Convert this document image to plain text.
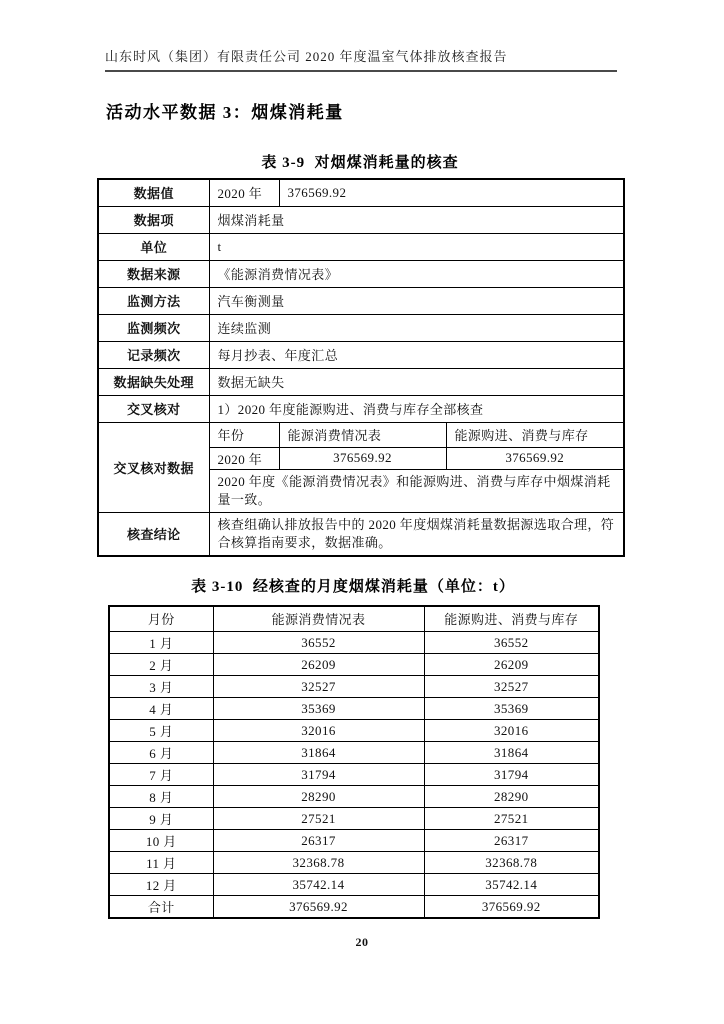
山东时风（集团）有限责任公司 2020 年度温室气体排放核查报告
活动水平数据 3：烟煤消耗量
表 3-9  对烟煤消耗量的核查
数据值	2020 年	376569.92	
数据项	烟煤消耗量		
单位	t		
数据来源	《能源消费情况表》		
监测方法	汽车衡测量		
监测频次	连续监测		
记录频次	每月抄表、年度汇总		
数据缺失处理	数据无缺失		
交叉核对	1）2020 年度能源购进、消费与库存全部核查		
交叉核对数据	年份	能源消费情况表	能源购进、消费与库存
	2020 年	376569.92	376569.92
	2020 年度《能源消费情况表》和能源购进、消费与库存中烟煤消耗量一致。		
核查结论	核查组确认排放报告中的 2020 年度烟煤消耗量数据源选取合理，符合核算指南要求，数据准确。		
表 3-10  经核查的月度烟煤消耗量（单位：t）
月份	能源消费情况表	能源购进、消费与库存
1 月	36552	36552
2 月	26209	26209
3 月	32527	32527
4 月	35369	35369
5 月	32016	32016
6 月	31864	31864
7 月	31794	31794
8 月	28290	28290
9 月	27521	27521
10 月	26317	26317
11 月	32368.78	32368.78
12 月	35742.14	35742.14
合计	376569.92	376569.92
20
